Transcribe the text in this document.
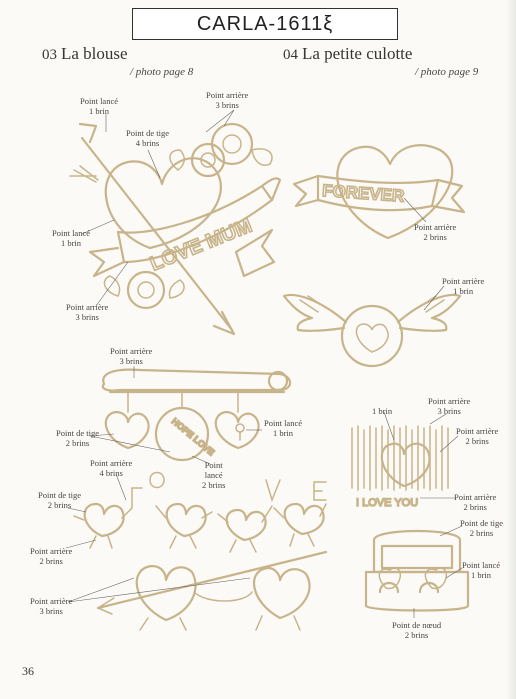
CARLA-1611ξ
03 La blouse
/ photo page 8
04 La petite culotte
/ photo page 9
LOVE MUM
HOPE LOVE
FOREVER
I LOVE YOU
Point lancé
1 brin
Point arrière
3 brins
Point de tige
4 brins
Point lancé
1 brin
Point arrière
3 brins
Point arrière
3 brins
Point de tige
2 brins
Point lancé
1 brin
Point
lancé
2 brins
Point arrière
4 brins
Point de tige
2 brins
Point arrière
2 brins
Point arrière
3 brins
Point arrière
2 brins
Point arrière
1 brin
Point arrière
3 brins
1 brin
Point arrière
2 brins
Point arrière
2 brins
Point de tige
2 brins
Point lancé
1 brin
Point de nœud
2 brins
36
